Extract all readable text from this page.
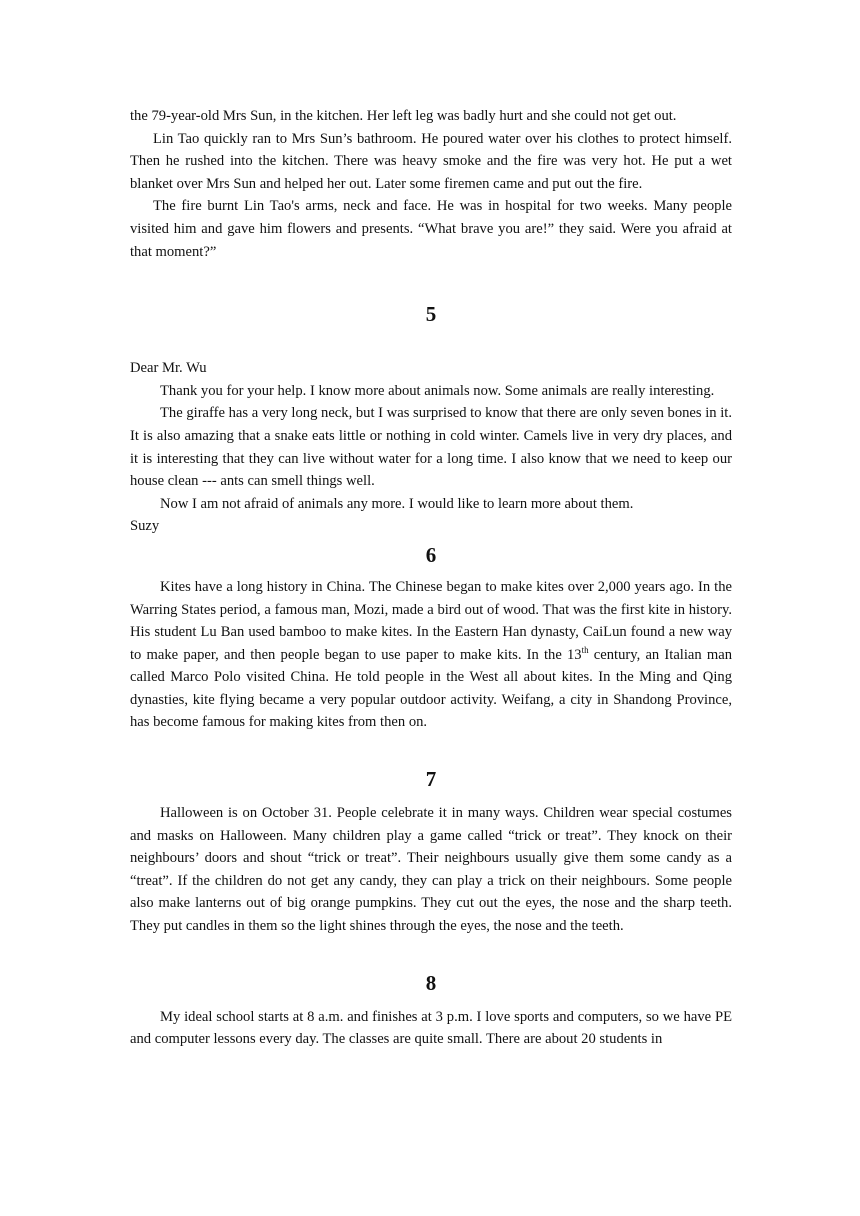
the 79-year-old Mrs Sun, in the kitchen. Her left leg was badly hurt and she could not get out.

Lin Tao quickly ran to Mrs Sun’s bathroom. He poured water over his clothes to protect himself. Then he rushed into the kitchen. There was heavy smoke and the fire was very hot. He put a wet blanket over Mrs Sun and helped her out. Later some firemen came and put out the fire.

The fire burnt Lin Tao's arms, neck and face. He was in hospital for two weeks. Many people visited him and gave him flowers and presents. “What brave you are!” they said. Were you afraid at that moment?”

5

Dear Mr. Wu

Thank you for your help. I know more about animals now. Some animals are really interesting.

The giraffe has a very long neck, but I was surprised to know that there are only seven bones in it. It is also amazing that a snake eats little or nothing in cold winter. Camels live in very dry places, and it is interesting that they can live without water for a long time. I also know that we need to keep our house clean --- ants can smell things well.

Now I am not afraid of animals any more. I would like to learn more about them.

Suzy

6

Kites have a long history in China. The Chinese began to make kites over 2,000 years ago. In the Warring States period, a famous man, Mozi, made a bird out of wood. That was the first kite in history. His student Lu Ban used bamboo to make kites. In the Eastern Han dynasty, CaiLun found a new way to make paper, and then people began to use paper to make kits. In the 13th century, an Italian man called Marco Polo visited China. He told people in the West all about kites. In the Ming and Qing dynasties, kite flying became a very popular outdoor activity. Weifang, a city in Shandong Province, has become famous for making kites from then on.

7

Halloween is on October 31. People celebrate it in many ways. Children wear special costumes and masks on Halloween. Many children play a game called “trick or treat”. They knock on their neighbours’ doors and shout “trick or treat”. Their neighbours usually give them some candy as a “treat”. If the children do not get any candy, they can play a trick on their neighbours. Some people also make lanterns out of big orange pumpkins. They cut out the eyes, the nose and the sharp teeth. They put candles in them so the light shines through the eyes, the nose and the teeth.

8

My ideal school starts at 8 a.m. and finishes at 3 p.m. I love sports and computers, so we have PE and computer lessons every day. The classes are quite small. There are about 20 students in
